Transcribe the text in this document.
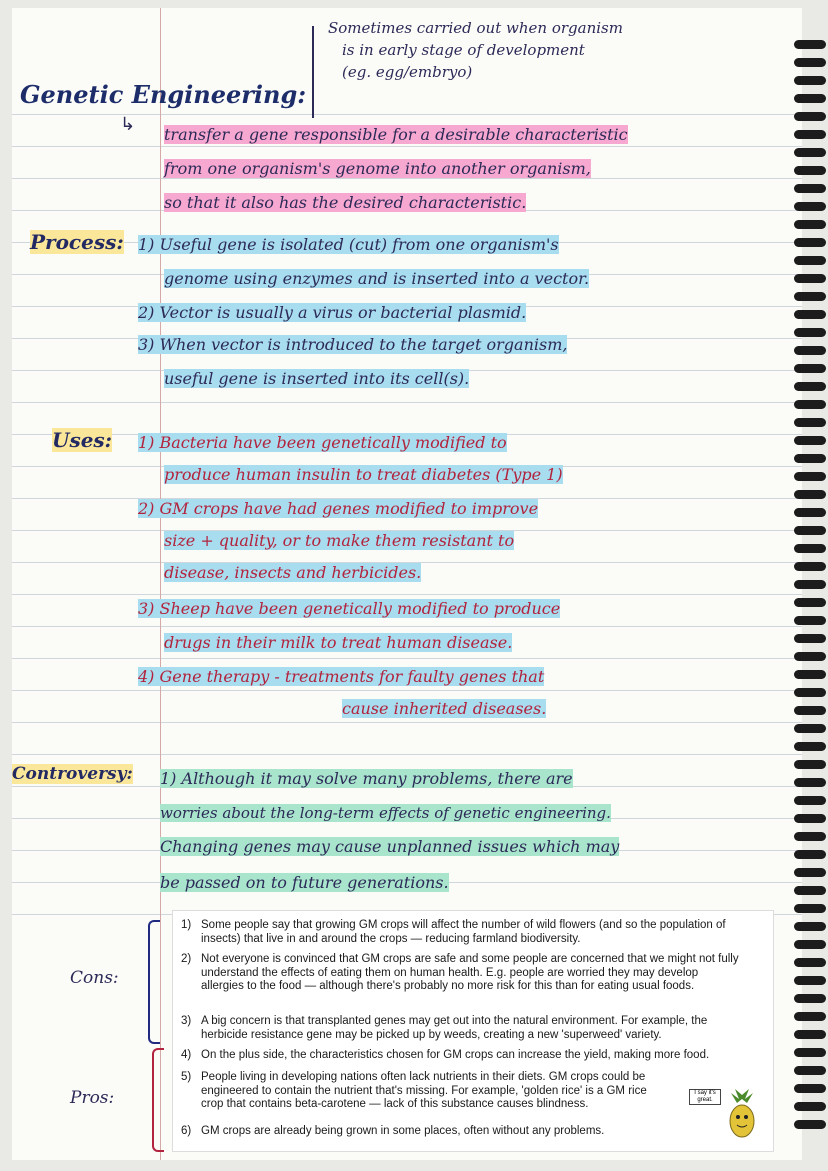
Sometimes carried out when organism
is in early stage of development
(eg. egg/embryo)
Genetic Engineering:
↳ transfer a gene responsible for a desirable characteristic
from one organism's genome into another organism,
so that it also has the desired characteristic.
Process: 1) Useful gene is isolated (cut) from one organism's
genome using enzymes and is inserted into a vector.
2) Vector is usually a virus or bacterial plasmid.
3) When vector is introduced to the target organism,
useful gene is inserted into its cell(s).
Uses: 1) Bacteria have been genetically modified to
produce human insulin to treat diabetes (Type 1)
2) GM crops have had genes modified to improve
size + quality, or to make them resistant to
disease, insects and herbicides.
3) Sheep have been genetically modified to produce
drugs in their milk to treat human disease.
4) Gene therapy - treatments for faulty genes that
cause inherited diseases.
Controversy: 1) Although it may solve many problems, there are
worries about the long-term effects of genetic engineering.
Changing genes may cause unplanned issues which may
be passed on to future generations.
Cons:
Pros:
1) Some people say that growing GM crops will affect the number of wild flowers (and so the population of insects) that live in and around the crops — reducing farmland biodiversity.
2) Not everyone is convinced that GM crops are safe and some people are concerned that we might not fully understand the effects of eating them on human health. E.g. people are worried they may develop allergies to the food — although there's probably no more risk for this than for eating usual foods.
3) A big concern is that transplanted genes may get out into the natural environment. For example, the herbicide resistance gene may be picked up by weeds, creating a new 'superweed' variety.
4) On the plus side, the characteristics chosen for GM crops can increase the yield, making more food.
5) People living in developing nations often lack nutrients in their diets. GM crops could be engineered to contain the nutrient that's missing. For example, 'golden rice' is a GM rice crop that contains beta-carotene — lack of this substance causes blindness.
6) GM crops are already being grown in some places, often without any problems.
I say it's great.
